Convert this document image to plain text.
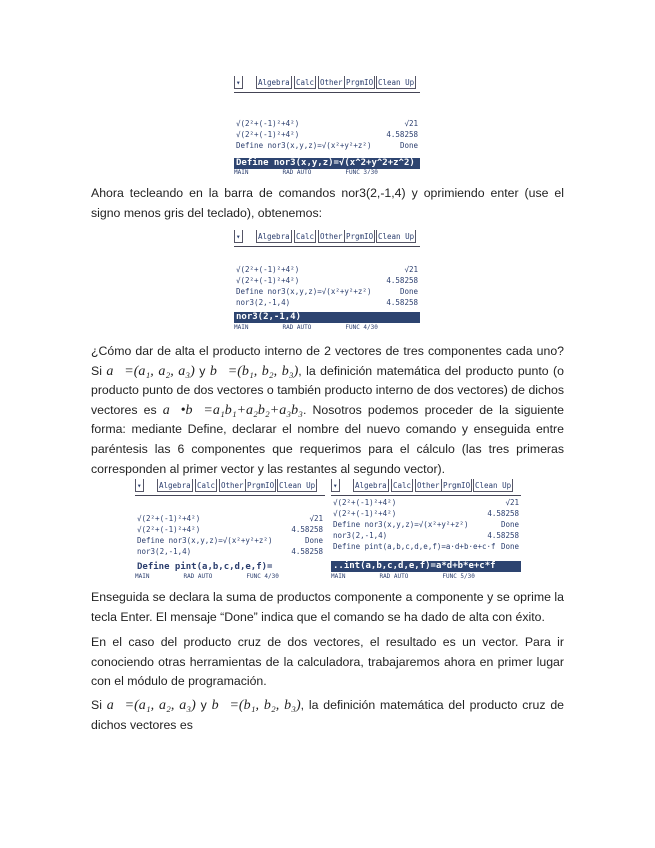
▾ Algebra Calc Other PrgmIO Clean Up
√(2²+(-1)²+4²)	√21
√(2²+(-1)²+4²)	4.58258
Define nor3(x,y,z)=√(x²+y²+z²)	Done
Define nor3(x,y,z)=√(x^2+y^2+z^2)
MAIN	RAD AUTO	FUNC 3/30

Ahora tecleando en la barra de comandos nor3(2,-1,4) y oprimiendo enter (use el signo menos gris del teclado), obtenemos:

▾ Algebra Calc Other PrgmIO Clean Up
√(2²+(-1)²+4²)	√21
√(2²+(-1)²+4²)	4.58258
Define nor3(x,y,z)=√(x²+y²+z²)	Done
nor3(2,-1,4)	4.58258
nor3(2,-1,4)
MAIN	RAD AUTO	FUNC 4/30

¿Cómo dar de alta el producto interno de 2 vectores de tres componentes cada uno? Si a⃗=(a₁, a₂, a₃) y b⃗=(b₁, b₂, b₃), la definición matemática del producto punto (o producto punto de dos vectores o también producto interno de dos vectores) de dichos vectores es a⃗•b⃗=a₁b₁+a₂b₂+a₃b₃. Nosotros podemos proceder de la siguiente forma: mediante Define, declarar el nombre del nuevo comando y enseguida entre paréntesis las 6 componentes que requerimos para el cálculo (las tres primeras corresponden al primer vector y las restantes al segundo vector).

▾ Algebra Calc Other PrgmIO Clean Up
√(2²+(-1)²+4²)	√21
√(2²+(-1)²+4²)	4.58258
Define nor3(x,y,z)=√(x²+y²+z²)	Done
nor3(2,-1,4)	4.58258
Define pint(a,b,c,d,e,f)=
MAIN	RAD AUTO	FUNC 4/30
▾ Algebra Calc Other PrgmIO Clean Up
√(2²+(-1)²+4²)	√21
√(2²+(-1)²+4²)	4.58258
Define nor3(x,y,z)=√(x²+y²+z²)	Done
nor3(2,-1,4)	4.58258
Define pint(a,b,c,d,e,f)=a·d+b·e+c·f Done
..int(a,b,c,d,e,f)=a*d+b*e+c*f
MAIN	RAD AUTO	FUNC 5/30

Enseguida se declara la suma de productos componente a componente y se oprime la tecla Enter. El mensaje “Done” indica que el comando se ha dado de alta con éxito.

En el caso del producto cruz de dos vectores, el resultado es un vector. Para ir conociendo otras herramientas de la calculadora, trabajaremos ahora en primer lugar con el módulo de programación.

Si a⃗=(a₁, a₂, a₃) y b⃗=(b₁, b₂, b₃), la definición matemática del producto cruz de dichos vectores es
